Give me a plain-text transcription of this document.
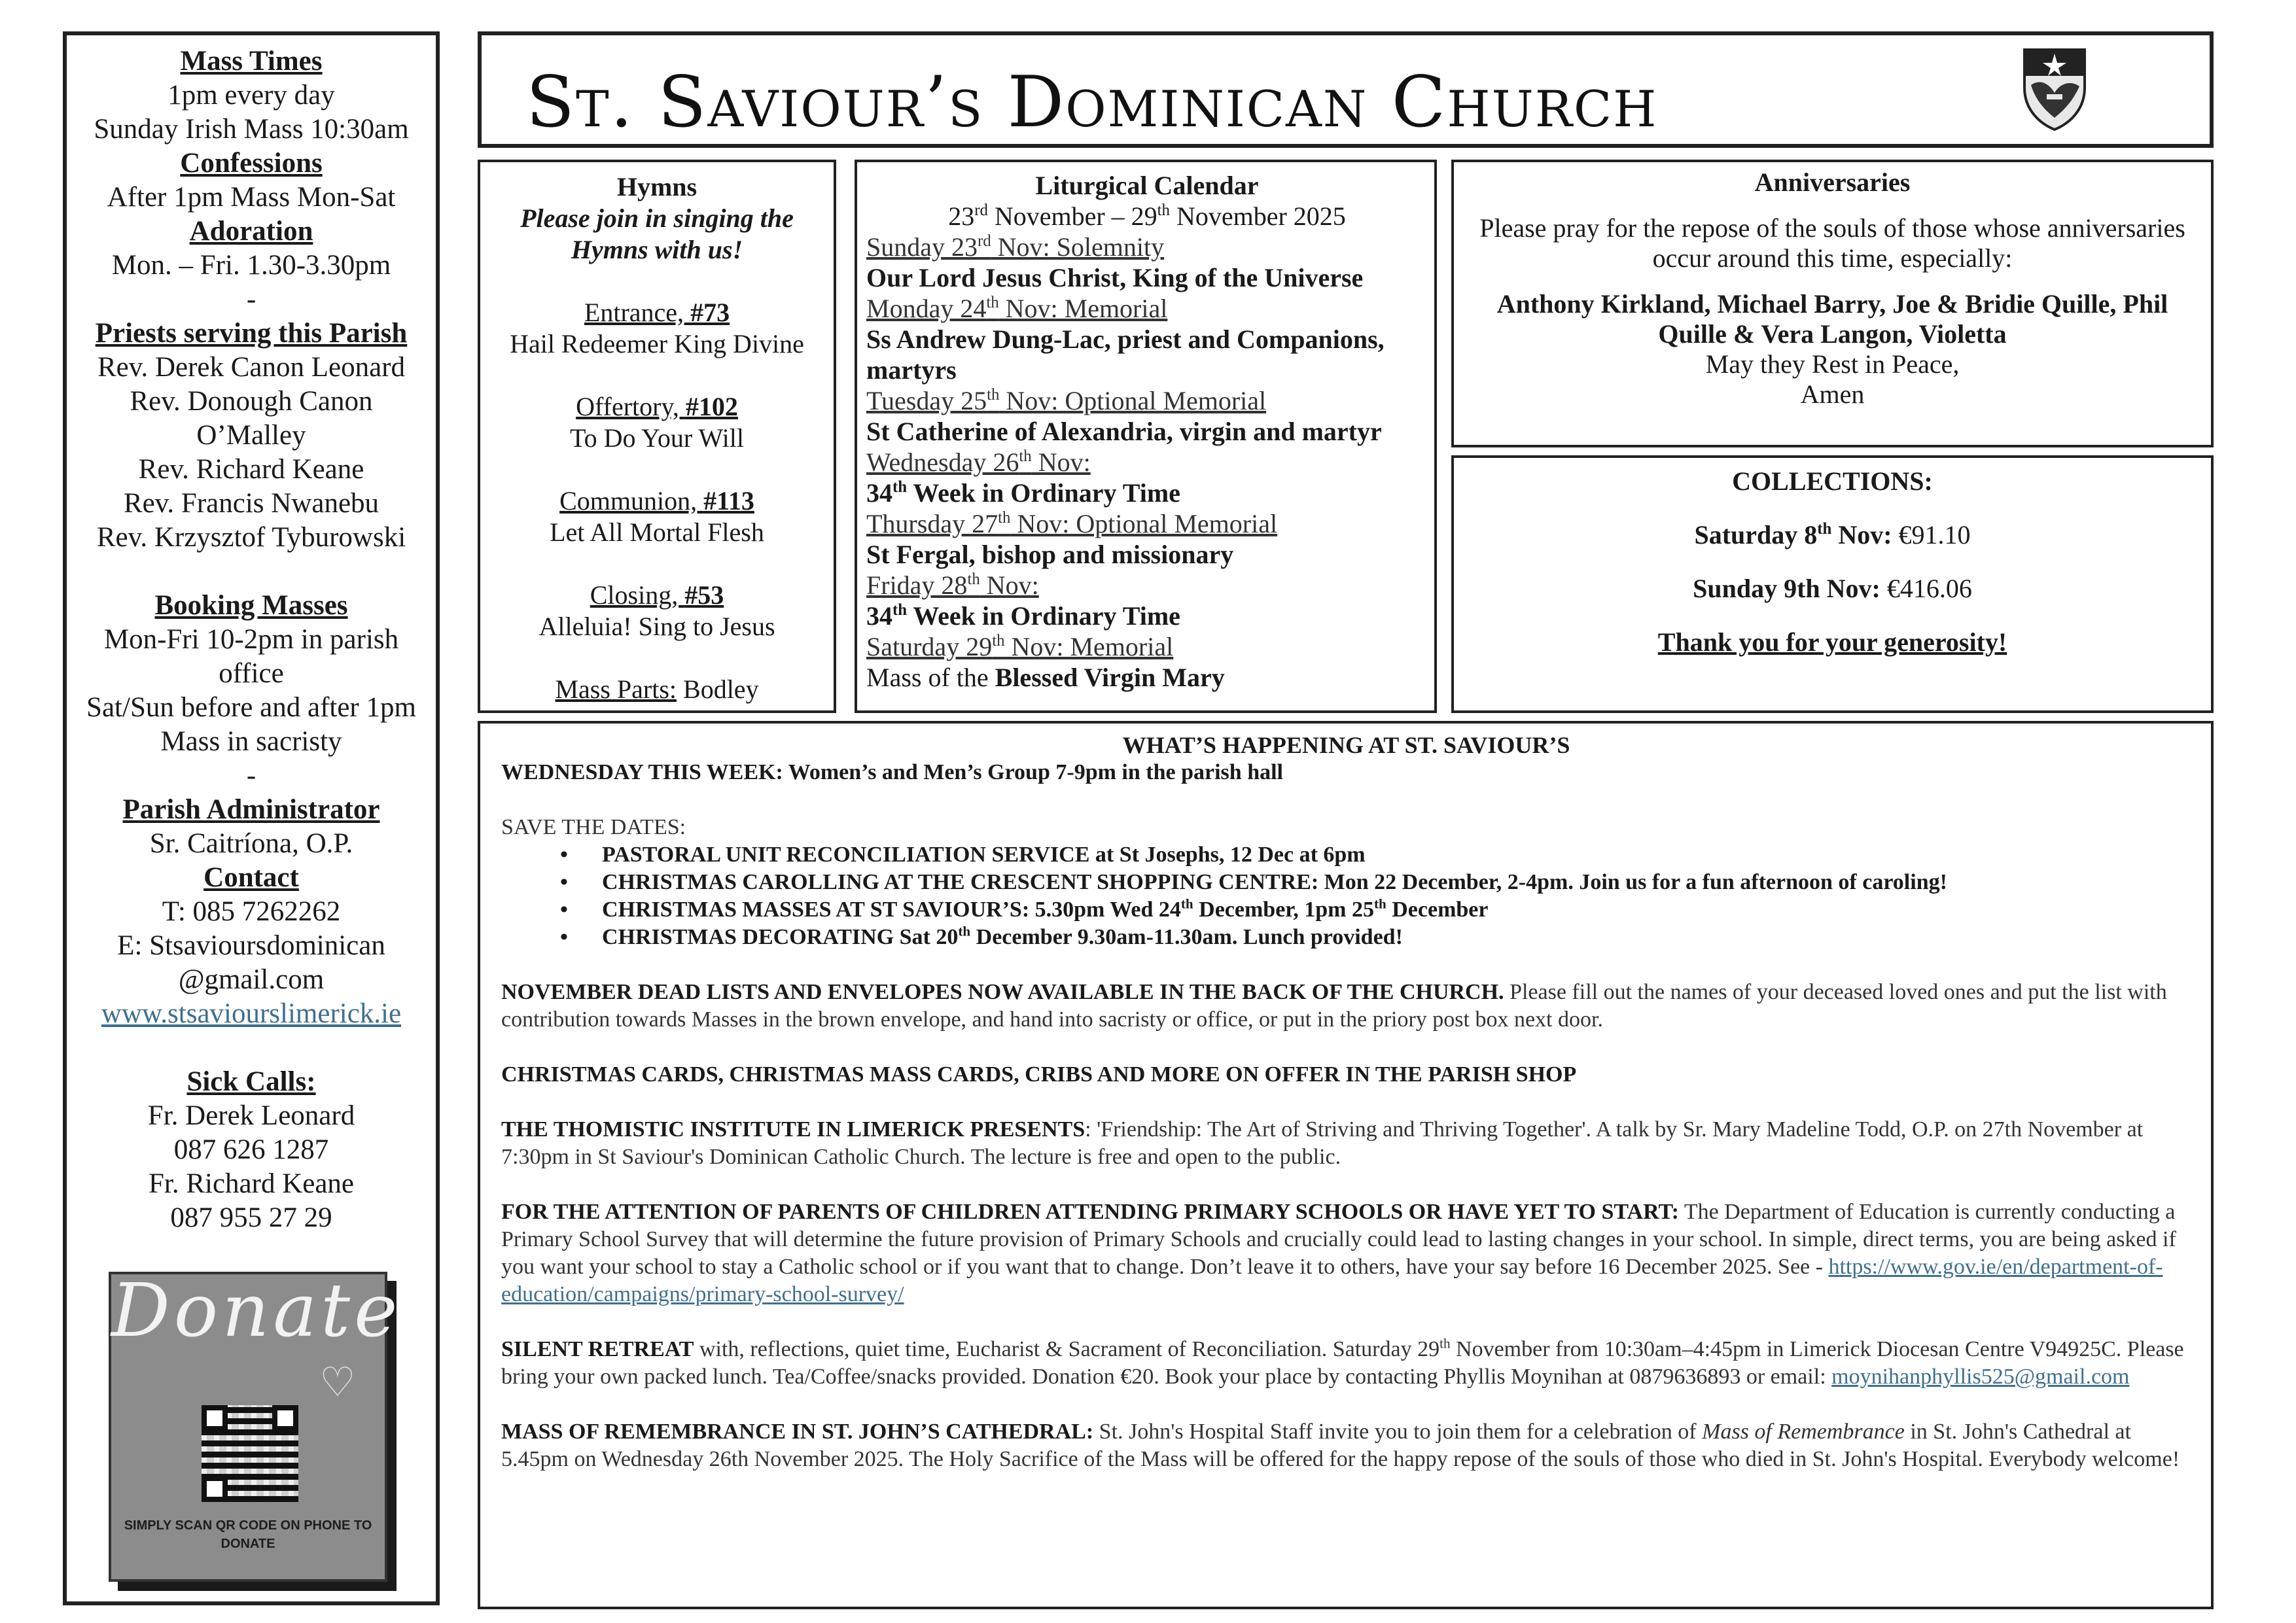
Mass Times
1pm every day
Sunday Irish Mass 10:30am
Confessions
After 1pm Mass Mon-Sat
Adoration
Mon. – Fri. 1.30-3.30pm
-
Priests serving this Parish
Rev. Derek Canon Leonard
Rev. Donough Canon O’Malley
Rev. Richard Keane
Rev. Francis Nwanebu
Rev. Krzysztof Tyburowski
Booking Masses
Mon-Fri 10-2pm in parish office
Sat/Sun before and after 1pm Mass in sacristy
-
Parish Administrator
Sr. Caitríona, O.P.
Contact
T: 085 7262262
E: Stsavioursdominican
@gmail.com
www.stsaviourslimerick.ie
Sick Calls:
Fr. Derek Leonard
087 626 1287
Fr. Richard Keane
087 955 27 29
Donate
♡
SIMPLY SCAN QR CODE ON PHONE TO DONATE
St. Saviour’s Dominican Church
Hymns
Please join in singing the Hymns with us!
Entrance, #73
Hail Redeemer King Divine
Offertory, #102
To Do Your Will
Communion, #113
Let All Mortal Flesh
Closing, #53
Alleluia! Sing to Jesus
Mass Parts: Bodley
Liturgical Calendar
23rd November – 29th November 2025
Sunday 23rd Nov: Solemnity
Our Lord Jesus Christ, King of the Universe
Monday 24th Nov: Memorial
Ss Andrew Dung-Lac, priest and Companions, martyrs
Tuesday 25th Nov: Optional Memorial
St Catherine of Alexandria, virgin and martyr
Wednesday 26th Nov:
34th Week in Ordinary Time
Thursday 27th Nov: Optional Memorial
St Fergal, bishop and missionary
Friday 28th Nov:
34th Week in Ordinary Time
Saturday 29th Nov: Memorial
Mass of the Blessed Virgin Mary
Anniversaries
Please pray for the repose of the souls of those whose anniversaries occur around this time, especially:
Anthony Kirkland, Michael Barry, Joe & Bridie Quille, Phil Quille & Vera Langon, Violetta
May they Rest in Peace,
Amen
COLLECTIONS:
Saturday 8th Nov: €91.10
Sunday 9th Nov: €416.06
Thank you for your generosity!
WHAT’S HAPPENING AT ST. SAVIOUR’S
WEDNESDAY THIS WEEK: Women’s and Men’s Group 7-9pm in the parish hall
SAVE THE DATES:
• PASTORAL UNIT RECONCILIATION SERVICE at St Josephs, 12 Dec at 6pm
• CHRISTMAS CAROLLING AT THE CRESCENT SHOPPING CENTRE: Mon 22 December, 2-4pm. Join us for a fun afternoon of caroling!
• CHRISTMAS MASSES AT ST SAVIOUR’S: 5.30pm Wed 24th December, 1pm 25th December
• CHRISTMAS DECORATING Sat 20th December 9.30am-11.30am. Lunch provided!
NOVEMBER DEAD LISTS AND ENVELOPES NOW AVAILABLE IN THE BACK OF THE CHURCH. Please fill out the names of your deceased loved ones and put the list with contribution towards Masses in the brown envelope, and hand into sacristy or office, or put in the priory post box next door.
CHRISTMAS CARDS, CHRISTMAS MASS CARDS, CRIBS AND MORE ON OFFER IN THE PARISH SHOP
THE THOMISTIC INSTITUTE IN LIMERICK PRESENTS: 'Friendship: The Art of Striving and Thriving Together'. A talk by Sr. Mary Madeline Todd, O.P. on 27th November at 7:30pm in St Saviour's Dominican Catholic Church. The lecture is free and open to the public.
FOR THE ATTENTION OF PARENTS OF CHILDREN ATTENDING PRIMARY SCHOOLS OR HAVE YET TO START: The Department of Education is currently conducting a Primary School Survey that will determine the future provision of Primary Schools and crucially could lead to lasting changes in your school. In simple, direct terms, you are being asked if you want your school to stay a Catholic school or if you want that to change. Don’t leave it to others, have your say before 16 December 2025. See - https://www.gov.ie/en/department-of-education/campaigns/primary-school-survey/
SILENT RETREAT with, reflections, quiet time, Eucharist & Sacrament of Reconciliation. Saturday 29th November from 10:30am–4:45pm in Limerick Diocesan Centre V94925C. Please bring your own packed lunch. Tea/Coffee/snacks provided. Donation €20. Book your place by contacting Phyllis Moynihan at 0879636893 or email: moynihanphyllis525@gmail.com
MASS OF REMEMBRANCE IN ST. JOHN’S CATHEDRAL: St. John's Hospital Staff invite you to join them for a celebration of Mass of Remembrance in St. John's Cathedral at 5.45pm on Wednesday 26th November 2025. The Holy Sacrifice of the Mass will be offered for the happy repose of the souls of those who died in St. John's Hospital. Everybody welcome!
